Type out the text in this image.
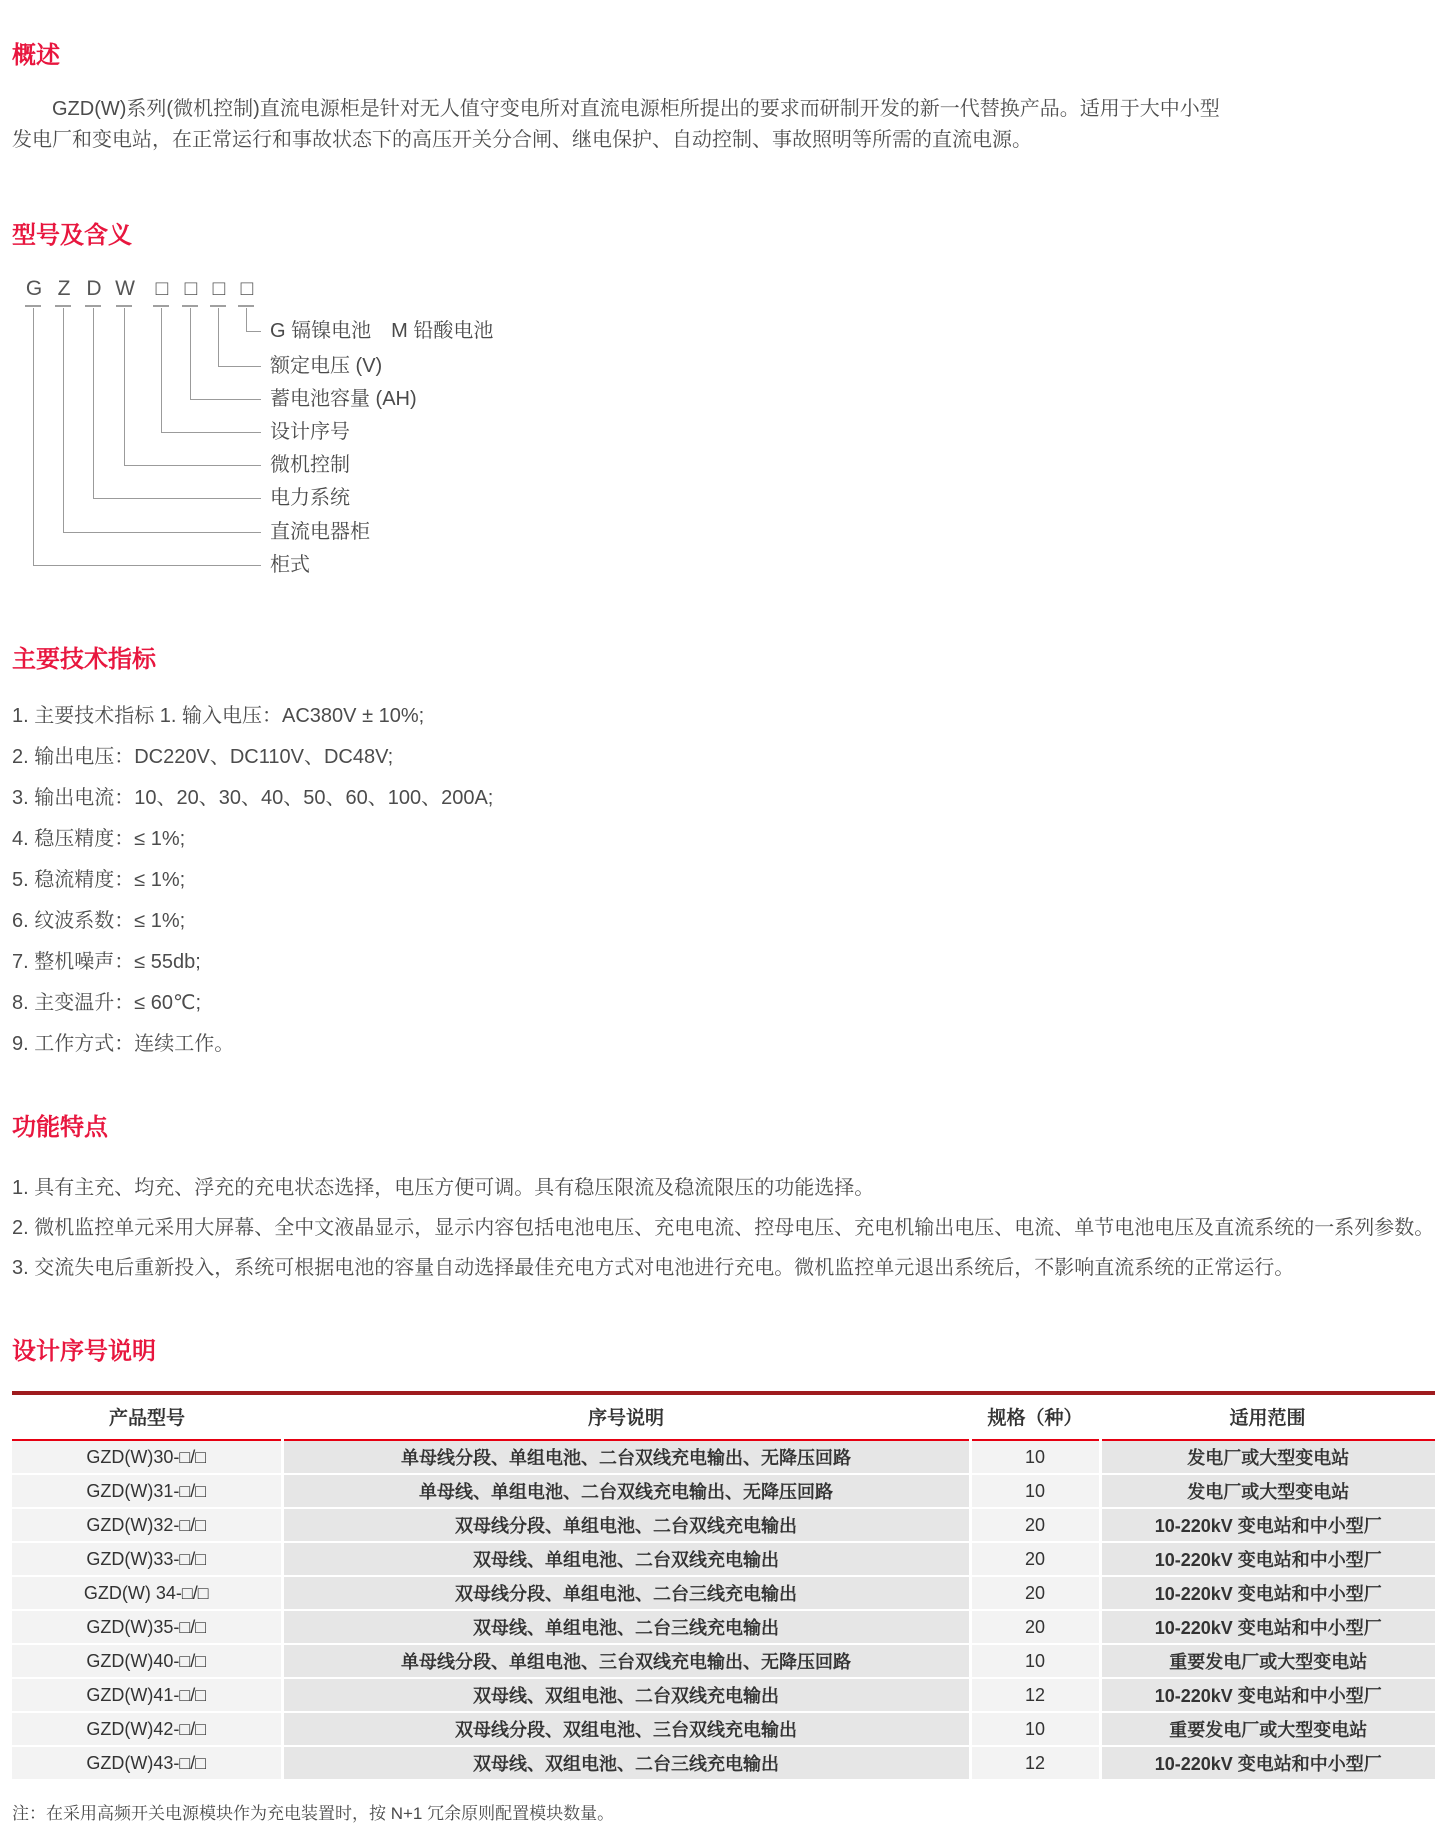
概述

GZD(W)系列(微机控制)直流电源柜是针对无人值守变电所对直流电源柜所提出的要求而研制开发的新一代替换产品。适用于大中小型发电厂和变电站，在正常运行和事故状态下的高压开关分合闸、继电保护、自动控制、事故照明等所需的直流电源。

型号及含义
G Z D W □ □ □ □
G 镉镍电池　M 铅酸电池
额定电压 (V)
蓄电池容量 (AH)
设计序号
微机控制
电力系统
直流电器柜
柜式
主要技术指标

1. 主要技术指标 1. 输入电压：AC380V ± 10%;

2. 输出电压：DC220V、DC110V、DC48V;

3. 输出电流：10、20、30、40、50、60、100、200A;

4. 稳压精度：≤ 1%;

5. 稳流精度：≤ 1%;

6. 纹波系数：≤ 1%;

7. 整机噪声：≤ 55db;

8. 主变温升：≤ 60℃;

9. 工作方式：连续工作。

功能特点

1. 具有主充、均充、浮充的充电状态选择，电压方便可调。具有稳压限流及稳流限压的功能选择。

2. 微机监控单元采用大屏幕、全中文液晶显示，显示内容包括电池电压、充电电流、控母电压、充电机输出电压、电流、单节电池电压及直流系统的一系列参数。

3. 交流失电后重新投入，系统可根据电池的容量自动选择最佳充电方式对电池进行充电。微机监控单元退出系统后，不影响直流系统的正常运行。

设计序号说明
产品型号	序号说明	规格（种）	适用范围
GZD(W)30-□/□	单母线分段、单组电池、二台双线充电输出、无降压回路	10	发电厂或大型变电站
GZD(W)31-□/□	单母线、单组电池、二台双线充电输出、无降压回路	10	发电厂或大型变电站
GZD(W)32-□/□	双母线分段、单组电池、二台双线充电输出	20	10-220kV 变电站和中小型厂
GZD(W)33-□/□	双母线、单组电池、二台双线充电输出	20	10-220kV 变电站和中小型厂
GZD(W) 34-□/□	双母线分段、单组电池、二台三线充电输出	20	10-220kV 变电站和中小型厂
GZD(W)35-□/□	双母线、单组电池、二台三线充电输出	20	10-220kV 变电站和中小型厂
GZD(W)40-□/□	单母线分段、单组电池、三台双线充电输出、无降压回路	10	重要发电厂或大型变电站
GZD(W)41-□/□	双母线、双组电池、二台双线充电输出	12	10-220kV 变电站和中小型厂
GZD(W)42-□/□	双母线分段、双组电池、三台双线充电输出	10	重要发电厂或大型变电站
GZD(W)43-□/□	双母线、双组电池、二台三线充电输出	12	10-220kV 变电站和中小型厂

注：在采用高频开关电源模块作为充电装置时，按 N+1 冗余原则配置模块数量。
